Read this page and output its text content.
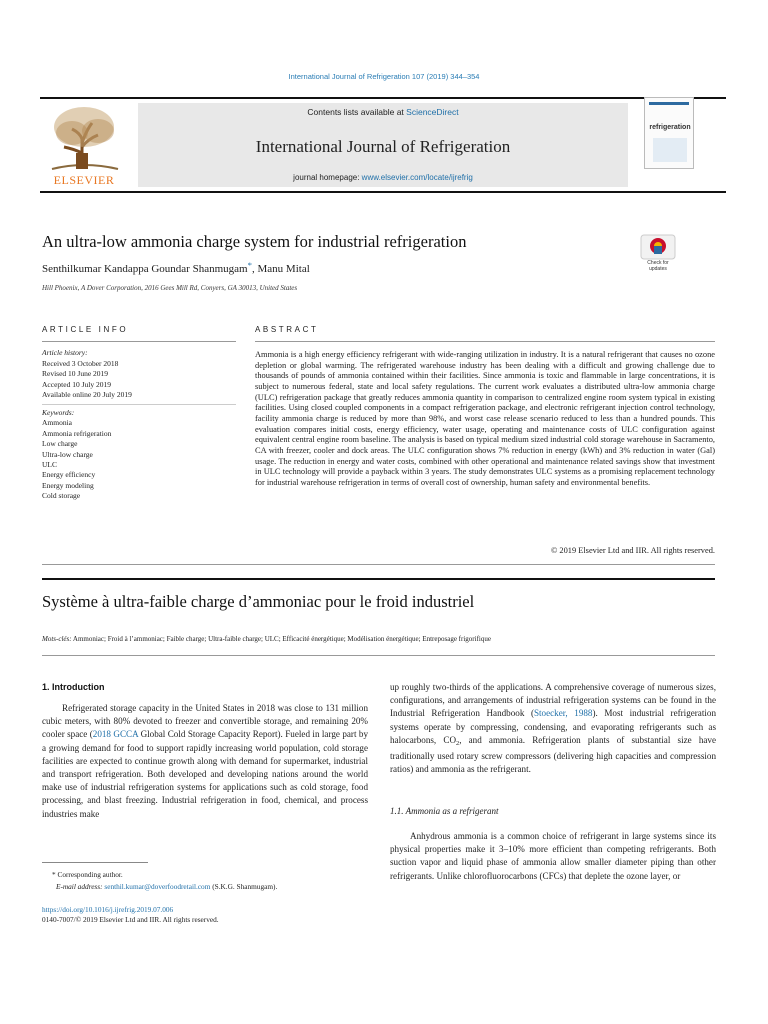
International Journal of Refrigeration 107 (2019) 344–354
ELSEVIER
Contents lists available at ScienceDirect
International Journal of Refrigeration
journal homepage: www.elsevier.com/locate/ijrefrig
refrigeration
An ultra-low ammonia charge system for industrial refrigeration
Check for updates
Senthilkumar Kandappa Goundar Shanmugam*, Manu Mital
Hill Phoenix, A Dover Corporation, 2016 Gees Mill Rd, Conyers, GA 30013, United States
ARTICLE INFO	ABSTRACT
Article history:
Received 3 October 2018
Revised 10 June 2019
Accepted 10 July 2019
Available online 20 July 2019
Keywords:
Ammonia
Ammonia refrigeration
Low charge
Ultra-low charge
ULC
Energy efficiency
Energy modeling
Cold storage
Ammonia is a high energy efficiency refrigerant with wide-ranging utilization in industry. It is a natural refrigerant that causes no ozone depletion or global warming. The refrigerated warehouse industry has been dealing with a difficult and growing challenge due to thousands of pounds of ammonia contained within their facilities. Since ammonia is toxic and flammable in large concentrations, it is subject to numerous federal, state and local safety regulations. The current work evaluates a distributed ultra-low ammonia charge (ULC) refrigeration package that greatly reduces ammonia quantity in comparison to centralized engine room system typical in existing facilities. Using closed coupled components in a compact refrigeration package, and electronic refrigerant injection control technology, facility ammonia charge is reduced by more than 98%, and worst case release scenario reduced to less than a hundred pounds. This evaluation compares initial costs, energy efficiency, water usage, operating and maintenance costs of ULC configuration against equivalent central engine room baseline. The analysis is based on typical medium sized industrial cold storage warehouse in Sacramento, CA with freezer, cooler and dock areas. The ULC configuration shows 7% reduction in energy (kWh) and 3% reduction in water (Gal) usage. The reduction in energy and water costs, combined with other operational and maintenance related savings show that investment in ULC technology will provide a payback within 3 years. The study demonstrates ULC systems as a promising replacement technology for industrial warehouse refrigeration in terms of overall cost of ownership, human safety and environmental benefits.
© 2019 Elsevier Ltd and IIR. All rights reserved.
Système à ultra-faible charge d’ammoniac pour le froid industriel
Mots-clés: Ammoniac; Froid à l’ammoniac; Faible charge; Ultra-faible charge; ULC; Efficacité énergétique; Modélisation énergétique; Entreposage frigorifique
1. Introduction
Refrigerated storage capacity in the United States in 2018 was close to 131 million cubic meters, with 80% devoted to freezer and convertible storage, and remaining 20% cooler space (2018 GCCA Global Cold Storage Capacity Report). Fueled in large part by a growing demand for food to support rapidly increasing world population, cold storage facilities are expected to continue growth along with demand for supermarket, industrial and transport refrigeration. Both developed and developing nations around the world make use of industrial refrigeration systems for applications such as cold storage, food processing, and blast freezing. Industrial refrigeration in food, chemical, and process industries make
up roughly two-thirds of the applications. A comprehensive coverage of numerous sizes, configurations, and arrangements of industrial refrigeration systems can be found in the Industrial Refrigeration Handbook (Stoecker, 1988). Most industrial refrigeration systems operate by compressing, condensing, and evaporating refrigerants such as halocarbons, $CO_2$, and ammonia. Refrigeration plants of substantial size have traditionally used rotary screw compressors (delivering high capacities and compression ratios) and ammonia as the refrigerant.
1.1. Ammonia as a refrigerant
Anhydrous ammonia is a common choice of refrigerant in large systems since its physical properties make it 3–10% more efficient than competing refrigerants. Both suction vapor and liquid phase of ammonia allow smaller diameter piping than other refrigerants. Unlike chlorofluorocarbons (CFCs) that deplete the ozone layer, or
* Corresponding author.
E-mail address: senthil.kumar@doverfoodretail.com (S.K.G. Shanmugam).
https://doi.org/10.1016/j.ijrefrig.2019.07.006
0140-7007/© 2019 Elsevier Ltd and IIR. All rights reserved.
